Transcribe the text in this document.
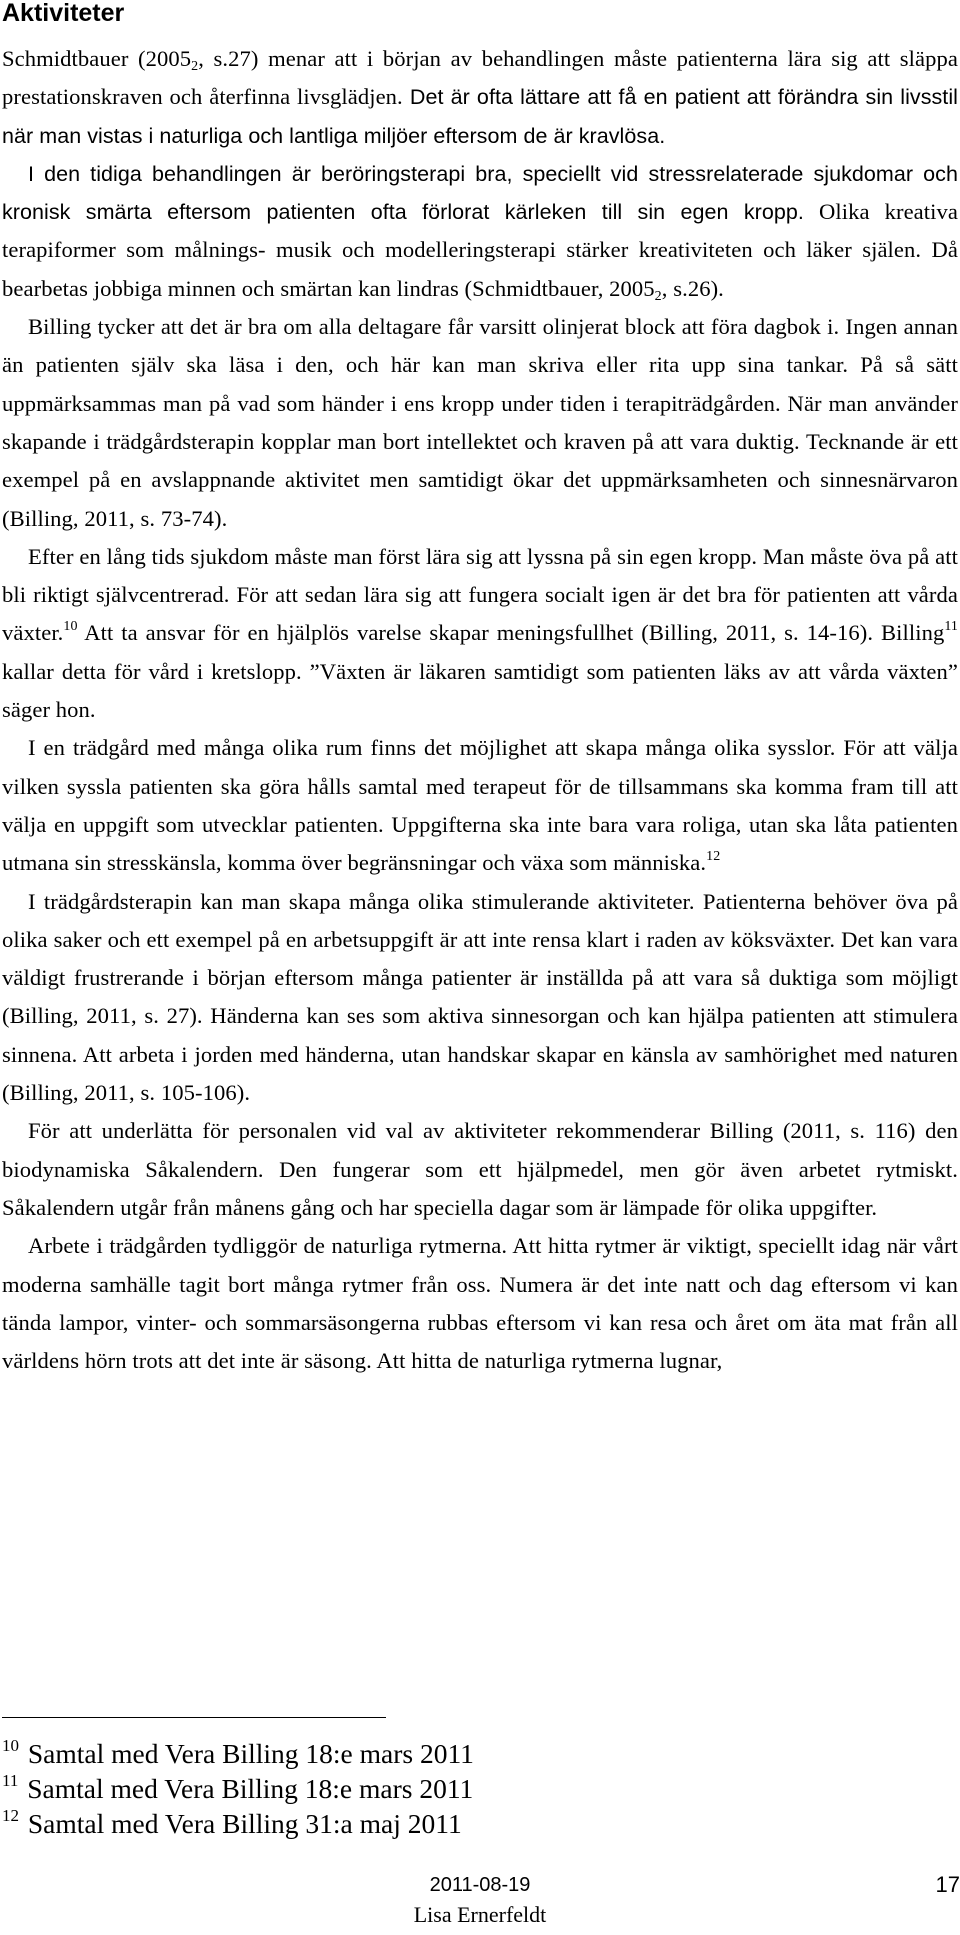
Aktiviteter

Schmidtbauer ($2005_2$, s.27) menar att i början av behandlingen måste patienterna lära sig att släppa prestationskraven och återfinna livsglädjen. Det är ofta lättare att få en patient att förändra sin livsstil när man vistas i naturliga och lantliga miljöer eftersom de är kravlösa.

I den tidiga behandlingen är beröringsterapi bra, speciellt vid stressrelaterade sjukdomar och kronisk smärta eftersom patienten ofta förlorat kärleken till sin egen kropp. Olika kreativa terapiformer som målnings- musik och modelleringsterapi stärker kreativiteten och läker själen. Då bearbetas jobbiga minnen och smärtan kan lindras (Schmidtbauer, $2005_2$, s.26).

Billing tycker att det är bra om alla deltagare får varsitt olinjerat block att föra dagbok i. Ingen annan än patienten själv ska läsa i den, och här kan man skriva eller rita upp sina tankar. På så sätt uppmärksammas man på vad som händer i ens kropp under tiden i terapiträdgården. När man använder skapande i trädgårdsterapin kopplar man bort intellektet och kraven på att vara duktig. Tecknande är ett exempel på en avslappnande aktivitet men samtidigt ökar det uppmärksamheten och sinnesnärvaron (Billing, 2011, s. 73-74).

Efter en lång tids sjukdom måste man först lära sig att lyssna på sin egen kropp. Man måste öva på att bli riktigt självcentrerad. För att sedan lära sig att fungera socialt igen är det bra för patienten att vårda växter.$^{10}$ Att ta ansvar för en hjälplös varelse skapar meningsfullhet (Billing, 2011, s. 14-16). Billing$^{11}$ kallar detta för vård i kretslopp. ”Växten är läkaren samtidigt som patienten läks av att vårda växten” säger hon.

I en trädgård med många olika rum finns det möjlighet att skapa många olika sysslor. För att välja vilken syssla patienten ska göra hålls samtal med terapeut för de tillsammans ska komma fram till att välja en uppgift som utvecklar patienten. Uppgifterna ska inte bara vara roliga, utan ska låta patienten utmana sin stresskänsla, komma över begränsningar och växa som människa.$^{12}$

I trädgårdsterapin kan man skapa många olika stimulerande aktiviteter. Patienterna behöver öva på olika saker och ett exempel på en arbetsuppgift är att inte rensa klart i raden av köksväxter. Det kan vara väldigt frustrerande i början eftersom många patienter är inställda på att vara så duktiga som möjligt (Billing, 2011, s. 27). Händerna kan ses som aktiva sinnesorgan och kan hjälpa patienten att stimulera sinnena. Att arbeta i jorden med händerna, utan handskar skapar en känsla av samhörighet med naturen (Billing, 2011, s. 105-106).

För att underlätta för personalen vid val av aktiviteter rekommenderar Billing (2011, s. 116) den biodynamiska Såkalendern. Den fungerar som ett hjälpmedel, men gör även arbetet rytmiskt. Såkalendern utgår från månens gång och har speciella dagar som är lämpade för olika uppgifter.

Arbete i trädgården tydliggör de naturliga rytmerna. Att hitta rytmer är viktigt, speciellt idag när vårt moderna samhälle tagit bort många rytmer från oss. Numera är det inte natt och dag eftersom vi kan tända lampor, vinter- och sommarsäsongerna rubbas eftersom vi kan resa och året om äta mat från all världens hörn trots att det inte är säsong. Att hitta de naturliga rytmerna lugnar,

$^{10}$ Samtal med Vera Billing 18:e mars 2011

$^{11}$ Samtal med Vera Billing 18:e mars 2011

$^{12}$ Samtal med Vera Billing 31:a maj 2011

2011-08-19
Lisa Ernerfeldt
17
